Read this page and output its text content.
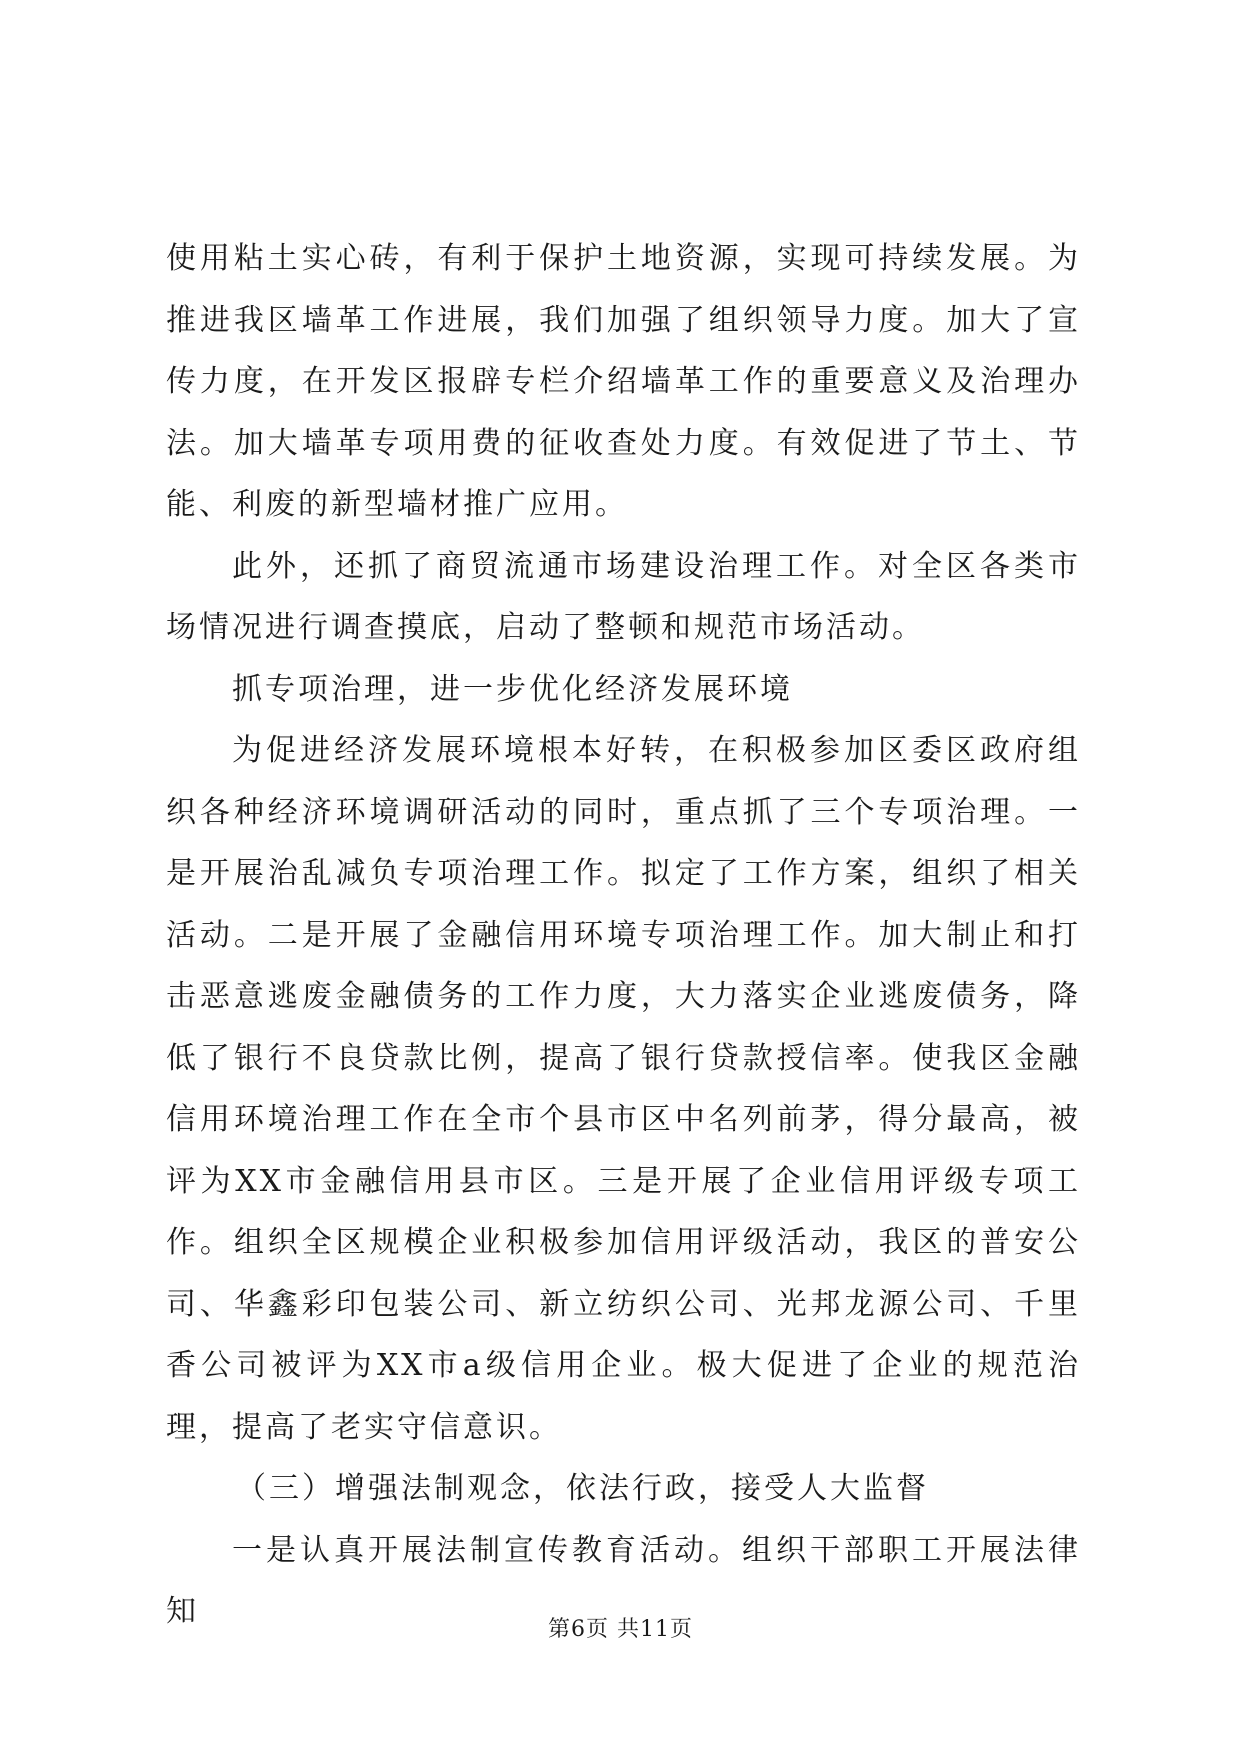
使用粘土实心砖，有利于保护土地资源，实现可持续发展。为推进我区墙革工作进展，我们加强了组织领导力度。加大了宣传力度，在开发区报辟专栏介绍墙革工作的重要意义及治理办法。加大墙革专项用费的征收查处力度。有效促进了节土、节能、利废的新型墙材推广应用。

此外，还抓了商贸流通市场建设治理工作。对全区各类市场情况进行调查摸底，启动了整顿和规范市场活动。

抓专项治理，进一步优化经济发展环境

为促进经济发展环境根本好转，在积极参加区委区政府组织各种经济环境调研活动的同时，重点抓了三个专项治理。一是开展治乱减负专项治理工作。拟定了工作方案，组织了相关活动。二是开展了金融信用环境专项治理工作。加大制止和打击恶意逃废金融债务的工作力度，大力落实企业逃废债务，降低了银行不良贷款比例，提高了银行贷款授信率。使我区金融信用环境治理工作在全市个县市区中名列前茅，得分最高，被评为XX市金融信用县市区。三是开展了企业信用评级专项工作。组织全区规模企业积极参加信用评级活动，我区的普安公司、华鑫彩印包装公司、新立纺织公司、光邦龙源公司、千里香公司被评为XX市a级信用企业。极大促进了企业的规范治理，提高了老实守信意识。

（三）增强法制观念，依法行政，接受人大监督

一是认真开展法制宣传教育活动。组织干部职工开展法律知

第6页 共11页
